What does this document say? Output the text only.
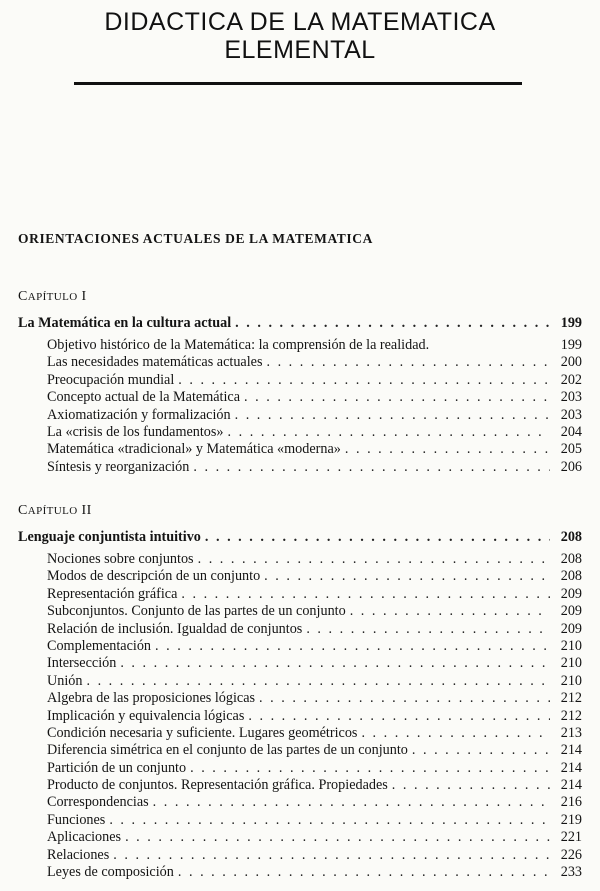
DIDACTICA DE LA MATEMATICA
ELEMENTAL
ORIENTACIONES ACTUALES DE LA MATEMATICA
CAPÍTULO I
La Matemática en la cultura actual . . .	199
Objetivo histórico de la Matemática: la comprensión de la realidad.	199
Las necesidades matemáticas actuales . . .	200
Preocupación mundial . . .	202
Concepto actual de la Matemática . . .	203
Axiomatización y formalización . . .	203
La «crisis de los fundamentos» . . .	204
Matemática «tradicional» y Matemática «moderna» . . .	205
Síntesis y reorganización . . .	206
CAPÍTULO II
Lenguaje conjuntista intuitivo . . .	208
Nociones sobre conjuntos . . .	208
Modos de descripción de un conjunto . . .	208
Representación gráfica . . .	209
Subconjuntos. Conjunto de las partes de un conjunto . . .	209
Relación de inclusión. Igualdad de conjuntos . . .	209
Complementación . . .	210
Intersección . . .	210
Unión . . .	210
Algebra de las proposiciones lógicas . . .	212
Implicación y equivalencia lógicas . . .	212
Condición necesaria y suficiente. Lugares geométricos . . .	213
Diferencia simétrica en el conjunto de las partes de un conjunto . . .	214
Partición de un conjunto . . .	214
Producto de conjuntos. Representación gráfica. Propiedades . . .	214
Correspondencias . . .	216
Funciones . . .	219
Aplicaciones . . .	221
Relaciones . . .	226
Leyes de composición . . .	233
